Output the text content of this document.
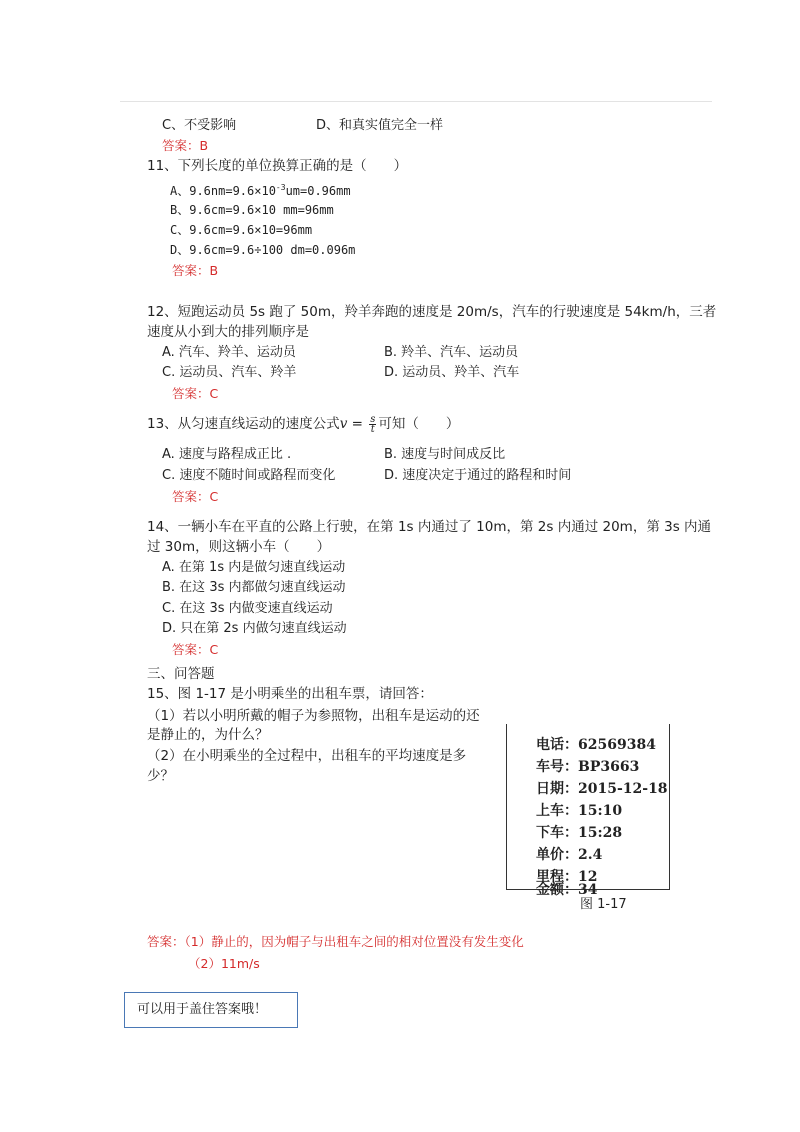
C、不受影响	D、和真实值完全一样
答案：B
11、下列长度的单位换算正确的是（　　）
A、$9.6nm=9.6\times 10^{-3}um=0.96mm$
B、9.6cm=9.6×10 mm=96mm
C、9.6cm=9.6×10=96mm
D、9.6cm=9.6÷100 dm=0.096m
答案：B
12、短跑运动员 5s 跑了 50m，羚羊奔跑的速度是 20m/s，汽车的行驶速度是 54km/h，三者
速度从小到大的排列顺序是
A. 汽车、羚羊、运动员	B. 羚羊、汽车、运动员
C. 运动员、汽车、羚羊	D. 运动员、羚羊、汽车
答案：C
13、从匀速直线运动的速度公式$v = \frac{s}{t}$ 可知（　　）
A. 速度与路程成正比 .	B. 速度与时间成反比
C. 速度不随时间或路程而变化	D. 速度决定于通过的路程和时间
答案：C
14、一辆小车在平直的公路上行驶，在第 1s 内通过了 10m，第 2s 内通过 20m，第 3s 内通
过 30m，则这辆小车（　　）
A. 在第 1s 内是做匀速直线运动
B. 在这 3s 内都做匀速直线运动
C. 在这 3s 内做变速直线运动
D. 只在第 2s 内做匀速直线运动
答案：C
三、问答题
15、图 1-17 是小明乘坐的出租车票，请回答：
（1）若以小明所戴的帽子为参照物，出租车是运动的还
是静止的，为什么？
（2）在小明乘坐的全过程中，出租车的平均速度是多
少？
电话：62569384
车号：BP3663
日期：2015-12-18
上车：15:10
下车：15:28
单价：2.4
里程：12
金额：34
图 1-17
答案：（1）静止的，因为帽子与出租车之间的相对位置没有发生变化
（2）11m/s
可以用于盖住答案哦！
